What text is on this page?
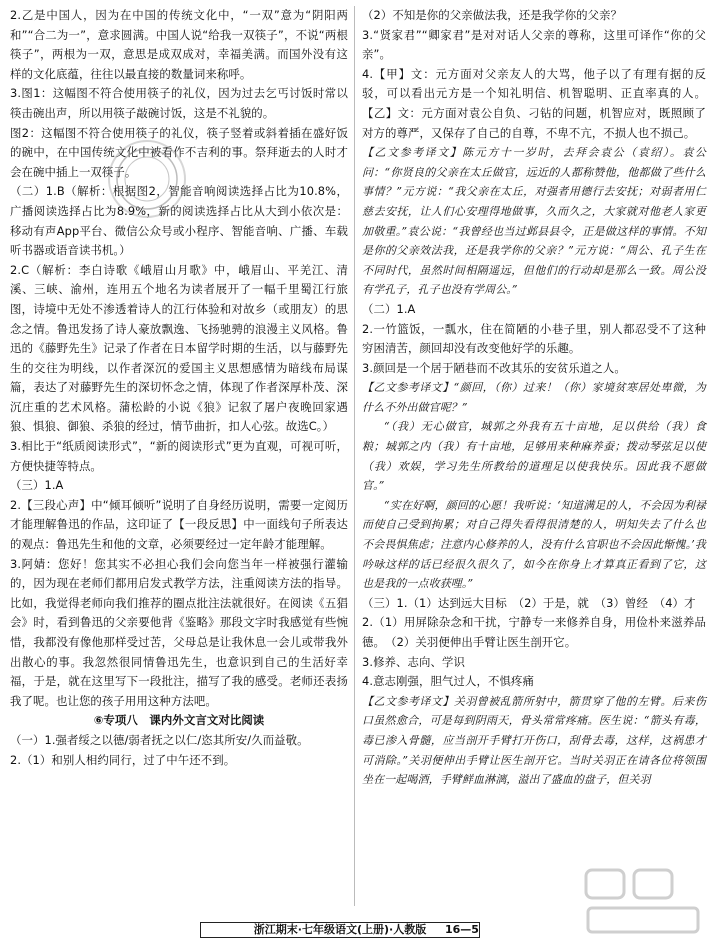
2.乙是中国人，因为在中国的传统文化中，“一双”意为“阴阳两和”“合二为一”，意求圆满。中国人说“给我一双筷子”，不说“两根筷子”，两根为一双，意思是成双成对，幸福美满。而国外没有这样的文化底蕴，往往以最直接的数量词来称呼。

3.图1：这幅图不符合使用筷子的礼仪，因为过去乞丐讨饭时常以筷击碗出声，所以用筷子敲碗讨饭，这是不礼貌的。

图2：这幅图不符合使用筷子的礼仪，筷子竖着或斜着插在盛好饭的碗中，在中国传统文化中被看作不吉利的事。祭拜逝去的人时才会在碗中插上一双筷子。

（二）1.B（解析：根据图2，智能音响阅读选择占比为10.8%，广播阅读选择占比为8.9%，新的阅读选择占比从大到小依次是：移动有声App平台、微信公众号或小程序、智能音响、广播、车载听书器或语音读书机。）

2.C（解析：李白诗歌《峨眉山月歌》中，峨眉山、平羌江、清溪、三峡、渝州，连用五个地名为读者展开了一幅千里蜀江行旅图，诗境中无处不渗透着诗人的江行体验和对故乡（或朋友）的思念之情。鲁迅发扬了诗人豪放飘逸、飞扬驰骋的浪漫主义风格。鲁迅的《藤野先生》记录了作者在日本留学时期的生活，以与藤野先生的交往为明线，以作者深沉的爱国主义思想感情为暗线布局谋篇，表达了对藤野先生的深切怀念之情，体现了作者深厚朴茂、深沉庄重的艺术风格。蒲松龄的小说《狼》记叙了屠户夜晚回家遇狼、惧狼、御狼、杀狼的经过，情节曲折，扣人心弦。故选C。）

3.相比于“纸质阅读形式”，“新的阅读形式”更为直观，可视可听，方便快捷等特点。

（三）1.A

2.【三段心声】中“倾耳倾听”说明了自身经历说明，需要一定阅历才能理解鲁迅的作品，这印证了【一段反思】中一面线句子所表达的观点：鲁迅先生和他的文章，必须要经过一定年龄才能理解。

3.阿婧：您好！您其实不必担心我们会向您当年一样被强行灌输的，因为现在老师们都用启发式教学方法，注重阅读方法的指导。比如，我觉得老师向我们推荐的圈点批注法就很好。在阅读《五猖会》时，看到鲁迅的父亲要他背《鉴略》那段文字时我感觉有些惋惜，我都没有像他那样受过苦，父母总是让我休息一会儿或带我外出散心的事。我忽然很同情鲁迅先生，也意识到自己的生活好幸福，于是，就在这里写下一段批注，描写了我的感受。老师还表扬我了呢。也让您的孩子用用这种方法吧。

⑥专项八　课内外文言文对比阅读

（一）1.强者绥之以德/弱者抚之以仁/恣其所安/久而益敬。

2.（1）和别人相约同行，过了中午还不到。

（2）不知是你的父亲做法我，还是我学你的父亲？

3.“贤家君”“卿家君”是对对话人父亲的尊称，这里可译作“你的父亲”。

4.【甲】文：元方面对父亲友人的大骂，他子以了有理有据的反驳，可以看出元方是一个知礼明信、机智聪明、正直率真的人。【乙】文：元方面对袁公自负、刁钻的问题，机智应对，既照顾了对方的尊严，又保存了自己的自尊，不卑不亢，不损人也不损己。

【乙文参考译文】陈元方十一岁时，去拜会袁公（袁绍）。袁公问：“你贤良的父亲在太丘做官，远近的人都称赞他，他都做了些什么事情？”元方说：“我父亲在太丘，对强者用德行去安抚；对弱者用仁慈去安抚，让人们心安理得地做事，久而久之，大家就对他老人家更加敬重。”袁公说：“我曾经也当过邺县县令，正是做这样的事情。不知是你的父亲效法我，还是我学你的父亲？”元方说：“周公、孔子生在不同时代，虽然时间相隔遥远，但他们的行动却是那么一致。周公没有学孔子，孔子也没有学周公。”

（二）1.A

2.一竹篮饭，一瓢水，住在简陋的小巷子里，别人都忍受不了这种穷困清苦，颜回却没有改变他好学的乐趣。

3.颜回是一个居于陋巷而不改其乐的安贫乐道之人。

【乙文参考译文】“颜回，（你）过来！（你）家境贫寒居处卑微，为什么不外出做官呢？”

“（我）无心做官，城郭之外我有五十亩地，足以供给（我）食粮；城郭之内（我）有十亩地，足够用来种麻养蚕；拨动琴弦足以使（我）欢娱，学习先生所教给的道理足以使我快乐。因此我不愿做官。”

“实在好啊，颜回的心愿！我听说：‘知道满足的人，不会因为利禄而使自己受到拘累；对自己得失看得很清楚的人，明知失去了什么也不会畏惧焦虑；注意内心修养的人，没有什么官职也不会因此惭愧。’我吟咏这样的话已经很久很久了，如今在你身上才算真正看到了它，这也是我的一点收获哩。”

（三）1.（1）达到远大目标　（2）于是，就　（3）曾经　（4）才

2.（1）用屏除杂念和干扰，宁静专一来修养自身，用俭朴来滋养品德。　（2）关羽便伸出手臂让医生剖开它。

3.修养、志向、学识

4.意志刚强，胆气过人，不惧疼痛

【乙文参考译文】关羽曾被乱箭所射中，箭贯穿了他的左臂。后来伤口虽然愈合，可是每到阴雨天，骨头常常疼痛。医生说：“箭头有毒，毒已渗入骨髓，应当剖开手臂打开伤口，刮骨去毒，这样，这祸患才可消除。”关羽便伸出手臂让医生剖开它。当时关羽正在请各位将领围坐在一起喝酒，手臂鲜血淋漓，溢出了盛血的盘子，但关羽

浙江期末·七年级语文(上册)·人教版	16—5
